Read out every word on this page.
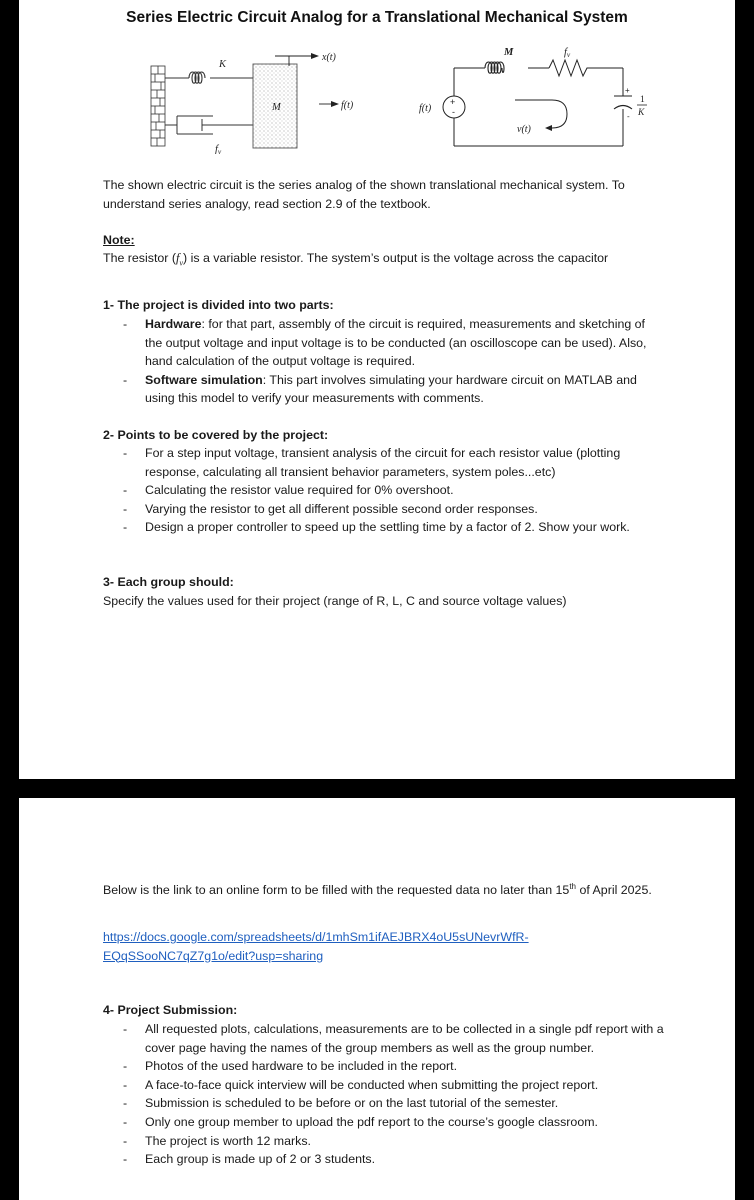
Series Electric Circuit Analog for a Translational Mechanical System
K
fv
M
x(t)
f(t)
M	fv
+
-
f(t)
+
-
1
K
v(t)
The shown electric circuit is the series analog of the shown translational mechanical system. To understand series analogy, read section 2.9 of the textbook.
Note:
The resistor $(f_v)$ is a variable resistor. The system’s output is the voltage across the capacitor
1- The project is divided into two parts:
- Hardware: for that part, assembly of the circuit is required, measurements and sketching of the output voltage and input voltage is to be conducted (an oscilloscope can be used). Also, hand calculation of the output voltage is required.
- Software simulation: This part involves simulating your hardware circuit on MATLAB and using this model to verify your measurements with comments.
2- Points to be covered by the project:
- For a step input voltage, transient analysis of the circuit for each resistor value (plotting response, calculating all transient behavior parameters, system poles...etc)
- Calculating the resistor value required for 0% overshoot.
- Varying the resistor to get all different possible second order responses.
- Design a proper controller to speed up the settling time by a factor of 2. Show your work.
3- Each group should:
Specify the values used for their project (range of R, L, C and source voltage values)
Below is the link to an online form to be filled with the requested data no later than 15th of April 2025.
https://docs.google.com/spreadsheets/d/1mhSm1ifAEJBRX4oU5sUNevrWfR-
EQqSSooNC7qZ7g1o/edit?usp=sharing
4- Project Submission:
- All requested plots, calculations, measurements are to be collected in a single pdf report with a cover page having the names of the group members as well as the group number.
- Photos of the used hardware to be included in the report.
- A face-to-face quick interview will be conducted when submitting the project report.
- Submission is scheduled to be before or on the last tutorial of the semester.
- Only one group member to upload the pdf report to the course’s google classroom.
- The project is worth 12 marks.
- Each group is made up of 2 or 3 students.
